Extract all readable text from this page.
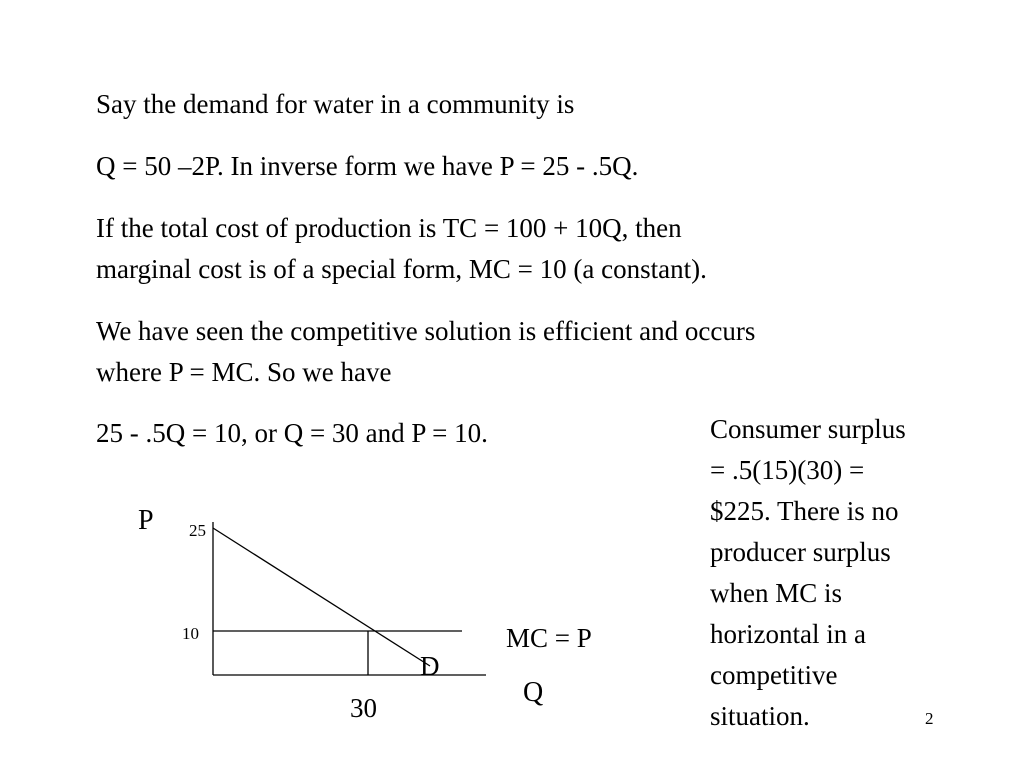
Say the demand for water in a community is
Q = 50 –2P. In inverse form we have P = 25 - .5Q.
If the total cost of production is TC = 100 + 10Q, then
marginal cost is of a special form, MC = 10 (a constant).
We have seen the competitive solution is efficient and occurs
where P = MC. So we have
25 - .5Q = 10, or Q = 30 and P = 10.	Consumer surplus
= .5(15)(30) =
$225. There is no
producer surplus
when MC is
horizontal in a
competitive
situation.
P 25
10	MC = P
D
Q
30	2
